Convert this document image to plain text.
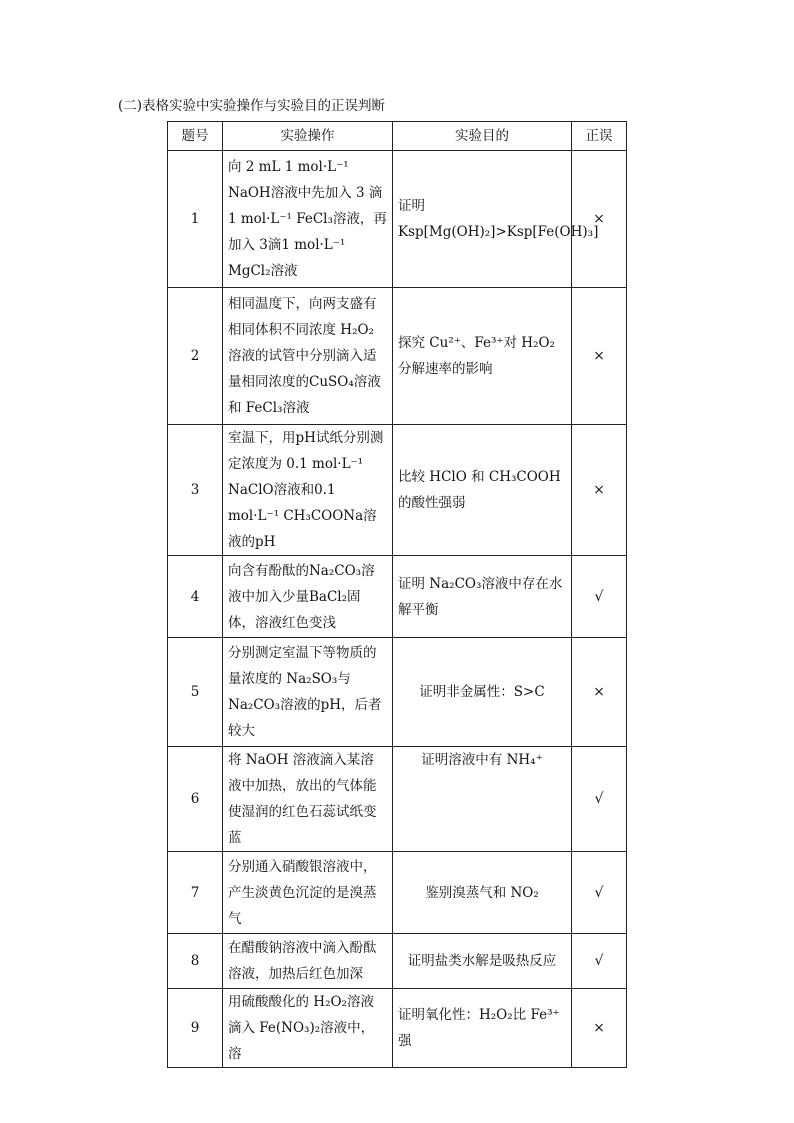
(二)表格实验中实验操作与实验目的正误判断
题号	实验操作	实验目的	正误
1	向 2 mL 1 mol·L⁻¹ NaOH溶液中先加入 3 滴 1 mol·L⁻¹ FeCl₃溶液，再加入 3滴1 mol·L⁻¹ MgCl₂溶液	证明Ksp[Mg(OH)₂]>Ksp[Fe(OH)₃]	×
2	相同温度下，向两支盛有相同体积不同浓度 H₂O₂溶液的试管中分别滴入适量相同浓度的CuSO₄溶液和 FeCl₃溶液	探究 Cu²⁺、Fe³⁺对 H₂O₂分解速率的影响	×
3	室温下，用pH试纸分别测定浓度为 0.1 mol·L⁻¹ NaClO溶液和0.1 mol·L⁻¹ CH₃COONa溶液的pH	比较 HClO 和 CH₃COOH 的酸性强弱	×
4	向含有酚酞的Na₂CO₃溶液中加入少量BaCl₂固体，溶液红色变浅	证明 Na₂CO₃溶液中存在水解平衡	√
5	分别测定室温下等物质的量浓度的 Na₂SO₃与Na₂CO₃溶液的pH，后者较大	证明非金属性：S>C	×
6	将 NaOH 溶液滴入某溶液中加热，放出的气体能使湿润的红色石蕊试纸变蓝	证明溶液中有 NH₄⁺	√
7	分别通入硝酸银溶液中，产生淡黄色沉淀的是溴蒸气	鉴别溴蒸气和 NO₂	√
8	在醋酸钠溶液中滴入酚酞溶液，加热后红色加深	证明盐类水解是吸热反应	√
9	用硫酸酸化的 H₂O₂溶液滴入 Fe(NO₃)₂溶液中，溶	证明氧化性：H₂O₂比 Fe³⁺强	×
